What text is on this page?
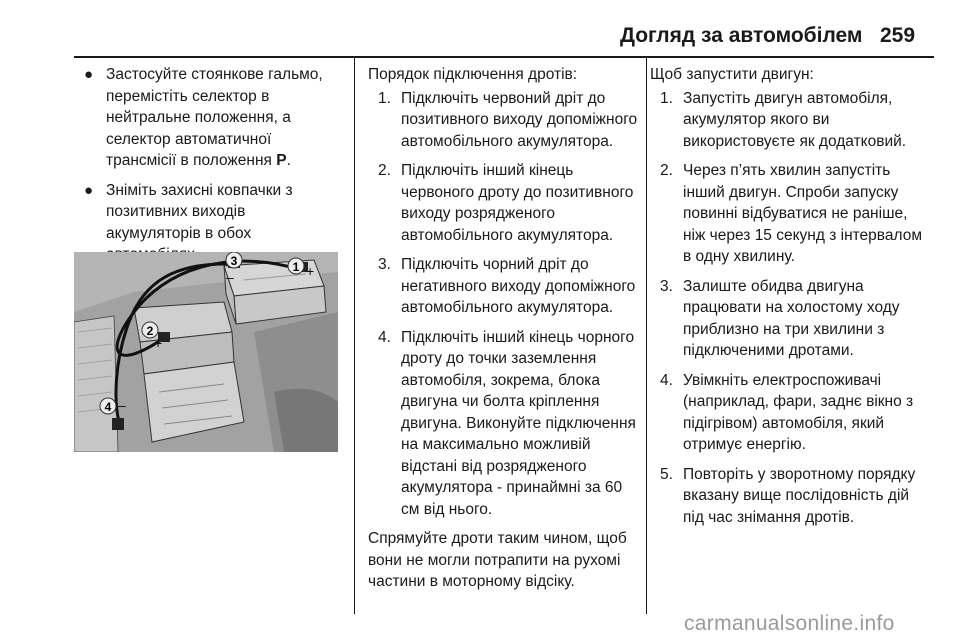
Догляд за автомобілем 259
● Застосуйте стоянкове гальмо, перемістіть селектор в нейтральне положення, а селектор автоматичної трансмісії в положення P.
● Зніміть захисні ковпачки з позитивних виходів акумуляторів в обох
1 +
3
–
2
+
4 –

Порядок підключення дротів:

1. Підключіть червоний дріт до позитивного виходу допоміжного автомобільного акумулятора.
2. Підключіть інший кінець червоного дроту до позитивного виходу розрядженого автомобільного акумулятора.
3. Підключіть чорний дріт до негативного виходу допоміжного автомобільного акумулятора.
4. Підключіть інший кінець чорного дроту до точки заземлення автомобіля, зокрема, блока двигуна чи болта кріплення двигуна. Виконуйте підключення на максимально можливій відстані від розрядженого акумулятора - принаймні за 60 см від нього.

Спрямуйте дроти таким чином, щоб вони не могли потрапити на рухомі частини в моторному відсіку.

Щоб запустити двигун:

1. Запустіть двигун автомобіля, акумулятор якого ви використовуєте як додатковий.
2. Через п’ять хвилин запустіть інший двигун. Спроби запуску повинні відбуватися не раніше, ніж через 15 секунд з інтервалом в одну хвилину.
3. Залиште обидва двигуна працювати на холостому ходу приблизно на три хвилини з підключеними дротами.
4. Увімкніть електроспоживачі (наприклад, фари, заднє вікно з підігрівом) автомобіля, який отримує енергію.
5. Повторіть у зворотному порядку вказану вище послідовність дій під час знімання дротів.
carmanualsonline.info
